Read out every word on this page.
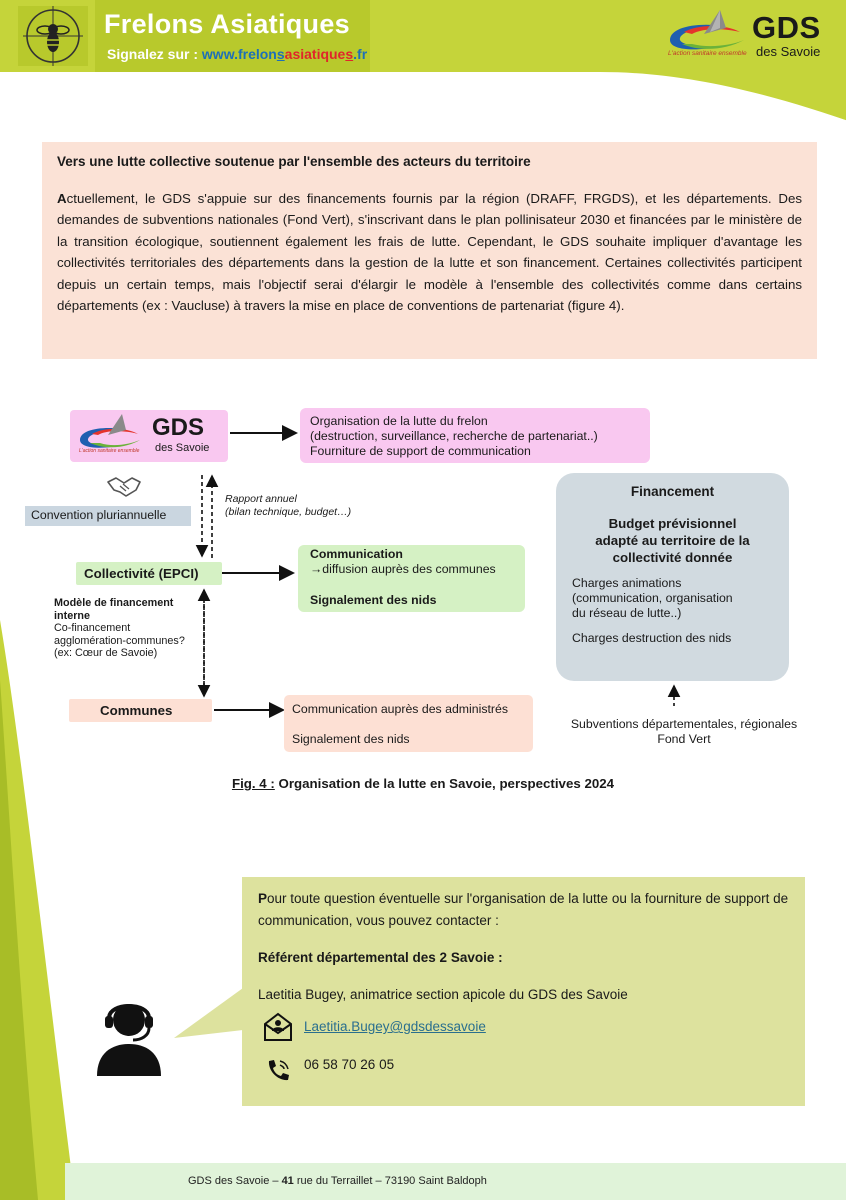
Frelons Asiatiques
Signalez sur : www.frelonsasiatiques.fr	L'action sanitaire ensemble
GDS
des Savoie

Vers une lutte collective soutenue par l'ensemble des acteurs du territoire

Actuellement, le GDS s'appuie sur des financements fournis par la région (DRAFF, FRGDS), et les départements. Des demandes de subventions nationales (Fond Vert), s'inscrivant dans le plan pollinisateur 2030 et financées par le ministère de la transition écologique, soutiennent également les frais de lutte. Cependant, le GDS souhaite impliquer d'avantage les collectivités territoriales des départements dans la gestion de la lutte et son financement. Certaines collectivités participent depuis un certain temps, mais l'objectif serai d'élargir le modèle à l'ensemble des collectivités comme dans certains départements (ex : Vaucluse) à travers la mise en place de conventions de partenariat (figure 4).

L'action sanitaire ensemble
GDS
des Savoie
Organisation de la lutte du frelon
(destruction, surveillance, recherche de partenariat..)
Fourniture de support de communication
Convention pluriannuelle
Rapport annuel
(bilan technique, budget…)
Collectivité (EPCI)
Communication
→diffusion auprès des communes
Signalement des nids
Modèle de financement
interne
Co-financement
agglomération-communes?
(ex: Cœur de Savoie)
Communes	Communication auprès des administrés
Signalement des nids
Financement
Budget prévisionnel
adapté au territoire de la
collectivité donnée
Charges animations
(communication, organisation
du réseau de lutte..)
Charges destruction des nids
Subventions départementales, régionales
Fond Vert
Fig. 4 : Organisation de la lutte en Savoie, perspectives 2024

Pour toute question éventuelle sur l'organisation de la lutte ou la fourniture de support de communication, vous pouvez contacter :

Référent départemental des 2 Savoie :

Laetitia Bugey, animatrice section apicole du GDS des Savoie

Laetitia.Bugey@gdsdessavoie
06 58 70 26 05
GDS des Savoie – 41 rue du Terraillet – 73190 Saint Baldoph
